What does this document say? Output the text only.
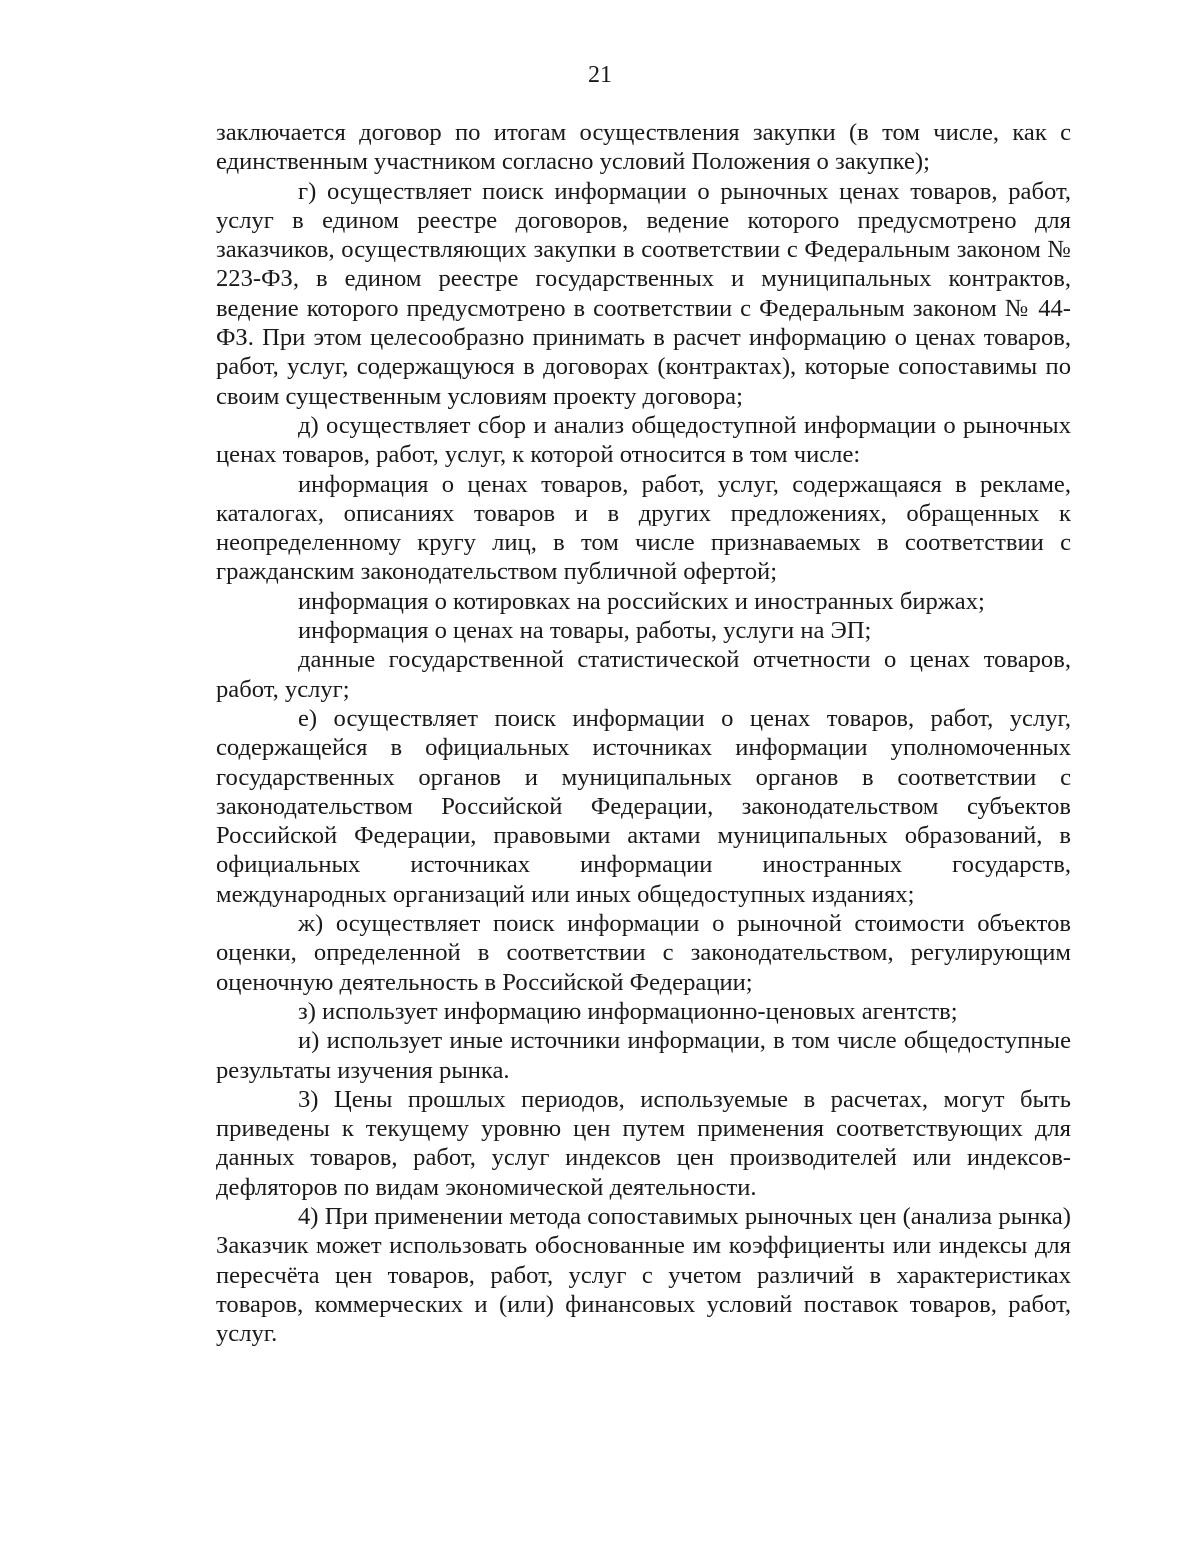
21

заключается договор по итогам осуществления закупки (в том числе, как с единственным участником согласно условий Положения о закупке);

г) осуществляет поиск информации о рыночных ценах товаров, работ, услуг в едином реестре договоров, ведение которого предусмотрено для заказчиков, осуществляющих закупки в соответствии с Федеральным законом № 223-ФЗ, в едином реестре государственных и муниципальных контрактов, ведение которого предусмотрено в соответствии с Федеральным законом № 44-ФЗ. При этом целесообразно принимать в расчет информацию о ценах товаров, работ, услуг, содержащуюся в договорах (контрактах), которые сопоставимы по своим существенным условиям проекту договора;

д) осуществляет сбор и анализ общедоступной информации о рыночных ценах товаров, работ, услуг, к которой относится в том числе:

информация о ценах товаров, работ, услуг, содержащаяся в рекламе, каталогах, описаниях товаров и в других предложениях, обращенных к неопределенному кругу лиц, в том числе признаваемых в соответствии с гражданским законодательством публичной офертой;

информация о котировках на российских и иностранных биржах;

информация о ценах на товары, работы, услуги на ЭП;

данные государственной статистической отчетности о ценах товаров, работ, услуг;

е) осуществляет поиск информации о ценах товаров, работ, услуг, содержащейся в официальных источниках информации уполномоченных государственных органов и муниципальных органов в соответствии с законодательством Российской Федерации, законодательством субъектов Российской Федерации, правовыми актами муниципальных образований, в официальных источниках информации иностранных государств, международных организаций или иных общедоступных изданиях;

ж) осуществляет поиск информации о рыночной стоимости объектов оценки, определенной в соответствии с законодательством, регулирующим оценочную деятельность в Российской Федерации;

з) использует информацию информационно-ценовых агентств;

и) использует иные источники информации, в том числе общедоступные результаты изучения рынка.

3) Цены прошлых периодов, используемые в расчетах, могут быть приведены к текущему уровню цен путем применения соответствующих для данных товаров, работ, услуг индексов цен производителей или индексов-дефляторов по видам экономической деятельности.

4) При применении метода сопоставимых рыночных цен (анализа рынка) Заказчик может использовать обоснованные им коэффициенты или индексы для пересчёта цен товаров, работ, услуг с учетом различий в характеристиках товаров, коммерческих и (или) финансовых условий поставок товаров, работ, услуг.
